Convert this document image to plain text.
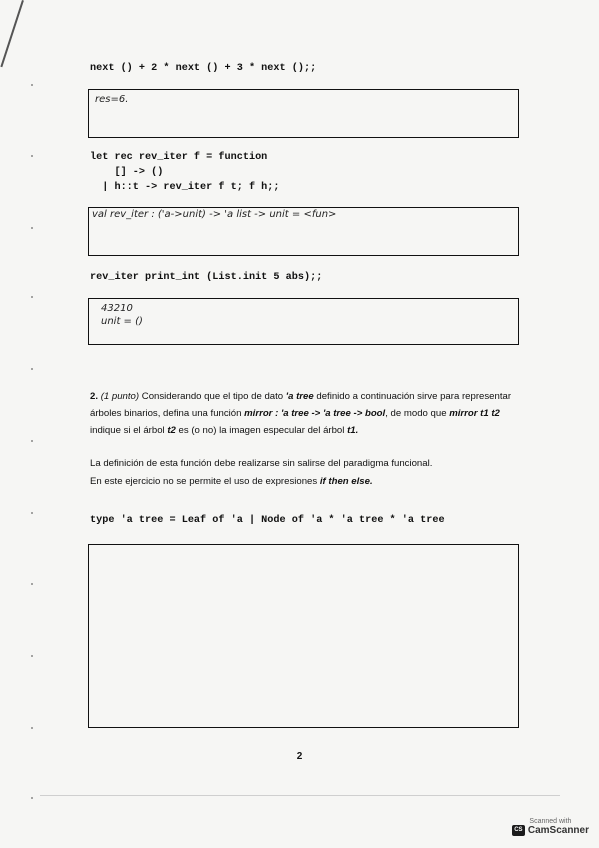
next () + 2 * next () + 3 * next ();;
res=6.
let rec rev_iter f = function
[] -> ()
| h::t -> rev_iter f t; f h;;
val rev_iter : ('a->unit) -> 'a list -> unit = <fun>
rev_iter print_int (List.init 5 abs);;
43210
unit = ()
2. (1 punto) Considerando que el tipo de dato 'a tree definido a continuación sirve para representar árboles binarios, defina una función mirror : 'a tree -> 'a tree -> bool, de modo que mirror t1 t2 indique si el árbol t2 es (o no) la imagen especular del árbol t1.
La definición de esta función debe realizarse sin salirse del paradigma funcional.
En este ejercicio no se permite el uso de expresiones if then else.
type 'a tree = Leaf of 'a | Node of 'a * 'a tree * 'a tree
2
Scanned with
CS CamScanner
